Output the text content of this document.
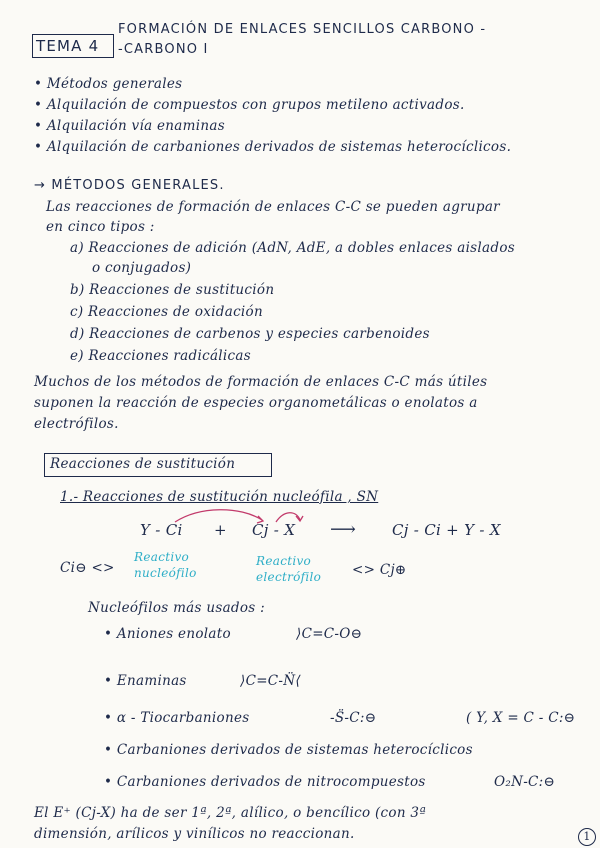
TEMA 4
FORMACIÓN DE ENLACES SENCILLOS CARBONO -
-CARBONO I
• Métodos generales
• Alquilación de compuestos con grupos metileno activados.
• Alquilación vía enaminas
• Alquilación de carbaniones derivados de sistemas heterocíclicos.
→ MÉTODOS GENERALES.
Las reacciones de formación de enlaces C-C se pueden agrupar
en cinco tipos :
a) Reacciones de adición (AdN, AdE, a dobles enlaces aislados
o conjugados)
b) Reacciones de sustitución
c) Reacciones de oxidación
d) Reacciones de carbenos y especies carbenoides
e) Reacciones radicálicas
Muchos de los métodos de formación de enlaces C-C más útiles
suponen la reacción de especies organometálicas o enolatos a
electrófilos.
Reacciones de sustitución
1.- Reacciones de sustitución nucleófila , SN
Y - Ci + Cj - X ⟶ Cj - Ci + Y - X
Ci⊖ <>
Reactivo
nucleófilo
Reactivo
electrófilo <> Cj⊕
Nucleófilos más usados :
• Aniones enolato	⟩C=C-O⊖
• Enaminas	⟩C=C-N̈⟨
• α - Tiocarbaniones	-S̈-C:⊖	( Y, X = C - C:⊖
• Carbaniones derivados de sistemas heterocíclicos
• Carbaniones derivados de nitrocompuestos	O₂N-C:⊖
El E⁺ (Cj-X) ha de ser 1ª, 2ª, alílico, o bencílico (con 3ª
dimensión, arílicos y vinílicos no reaccionan.	1
